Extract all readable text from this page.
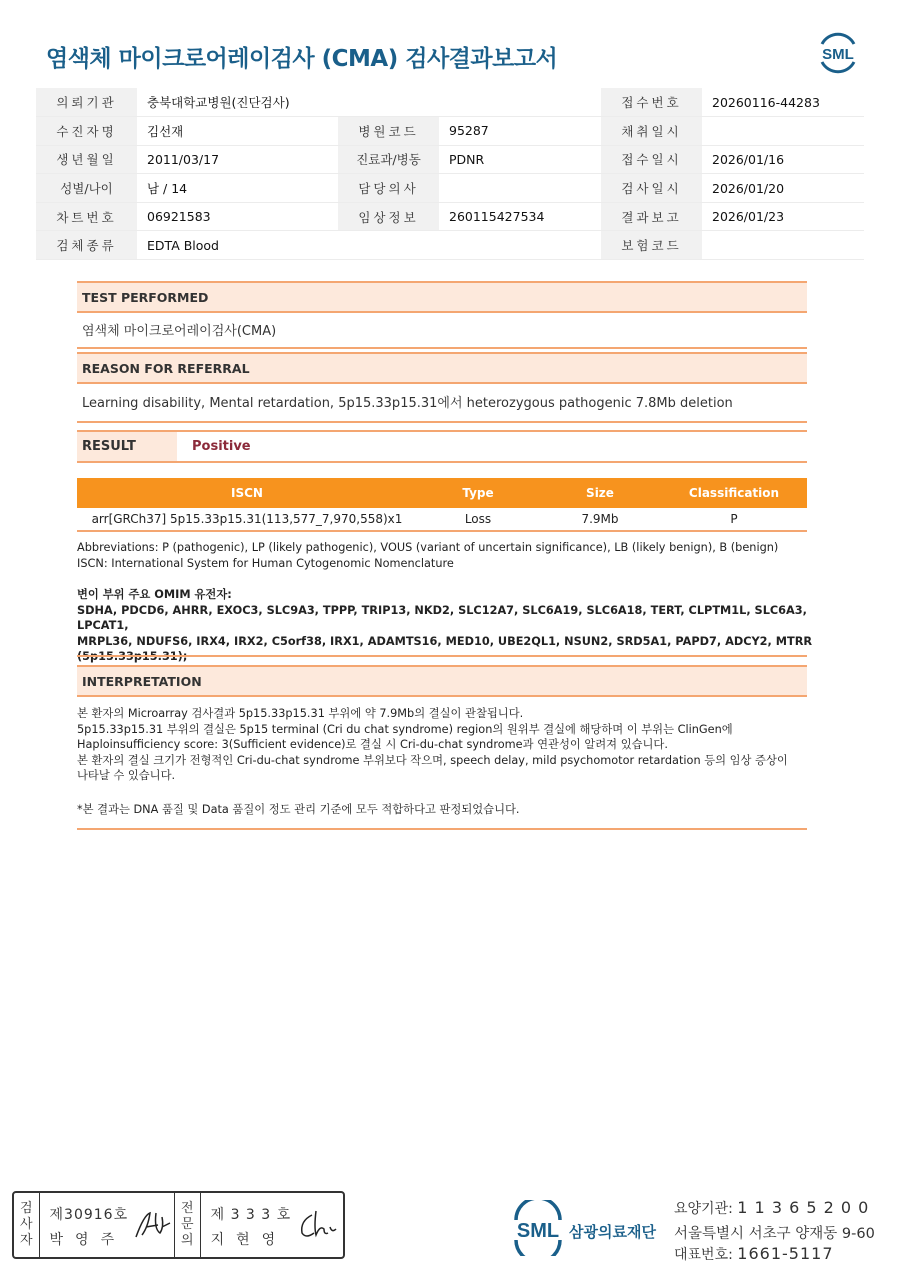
염색체 마이크로어레이검사 (CMA) 검사결과보고서	SML
의뢰기관	충북대학교병원(진단검사)			접수번호	20260116-44283
수진자명	김선재	병원코드	95287	채취일시	
생년월일	2011/03/17	진료과/병동	PDNR	접수일시	2026/01/16
성별/나이	남 / 14	담당의사		검사일시	2026/01/20
차트번호	06921583	임상정보	260115427534	결과보고	2026/01/23
검체종류	EDTA Blood			보험코드	
TEST PERFORMED
염색체 마이크로어레이검사(CMA)
REASON FOR REFERRAL
Learning disability, Mental retardation, 5p15.33p15.31에서 heterozygous pathogenic 7.8Mb deletion
RESULT	Positive
ISCN	Type	Size	Classification
arr[GRCh37] 5p15.33p15.31(113,577_7,970,558)x1	Loss	7.9Mb	P
Abbreviations: P (pathogenic), LP (likely pathogenic), VOUS (variant of uncertain significance), LB (likely benign), B (benign)
ISCN: International System for Human Cytogenomic Nomenclature
변이 부위 주요 OMIM 유전자:
SDHA, PDCD6, AHRR, EXOC3, SLC9A3, TPPP, TRIP13, NKD2, SLC12A7, SLC6A19, SLC6A18, TERT, CLPTM1L, SLC6A3, LPCAT1,
MRPL36, NDUFS6, IRX4, IRX2, C5orf38, IRX1, ADAMTS16, MED10, UBE2QL1, NSUN2, SRD5A1, PAPD7, ADCY2, MTRR
(5p15.33p15.31);
INTERPRETATION
본 환자의 Microarray 검사결과 5p15.33p15.31 부위에 약 7.9Mb의 결실이 관찰됩니다.
5p15.33p15.31 부위의 결실은 5p15 terminal (Cri du chat syndrome) region의 원위부 결실에 해당하며 이 부위는 ClinGen에
Haploinsufficiency score: 3(Sufficient evidence)로 결실 시 Cri-du-chat syndrome과 연관성이 알려져 있습니다.
본 환자의 결실 크기가 전형적인 Cri-du-chat syndrome 부위보다 작으며, speech delay, mild psychomotor retardation 등의 임상 증상이
나타날 수 있습니다.
*본 결과는 DNA 품질 및 Data 품질이 정도 관리 기준에 모두 적합하다고 판정되었습니다.
검
사
자
제30916호
박영주
전
문
의
제 3 3 3 호
지현영	SML 삼광의료재단
요양기관: 1 1 3 6 5 2 0 0
서울특별시 서초구 양재동 9-60
대표번호: 1661-5117
